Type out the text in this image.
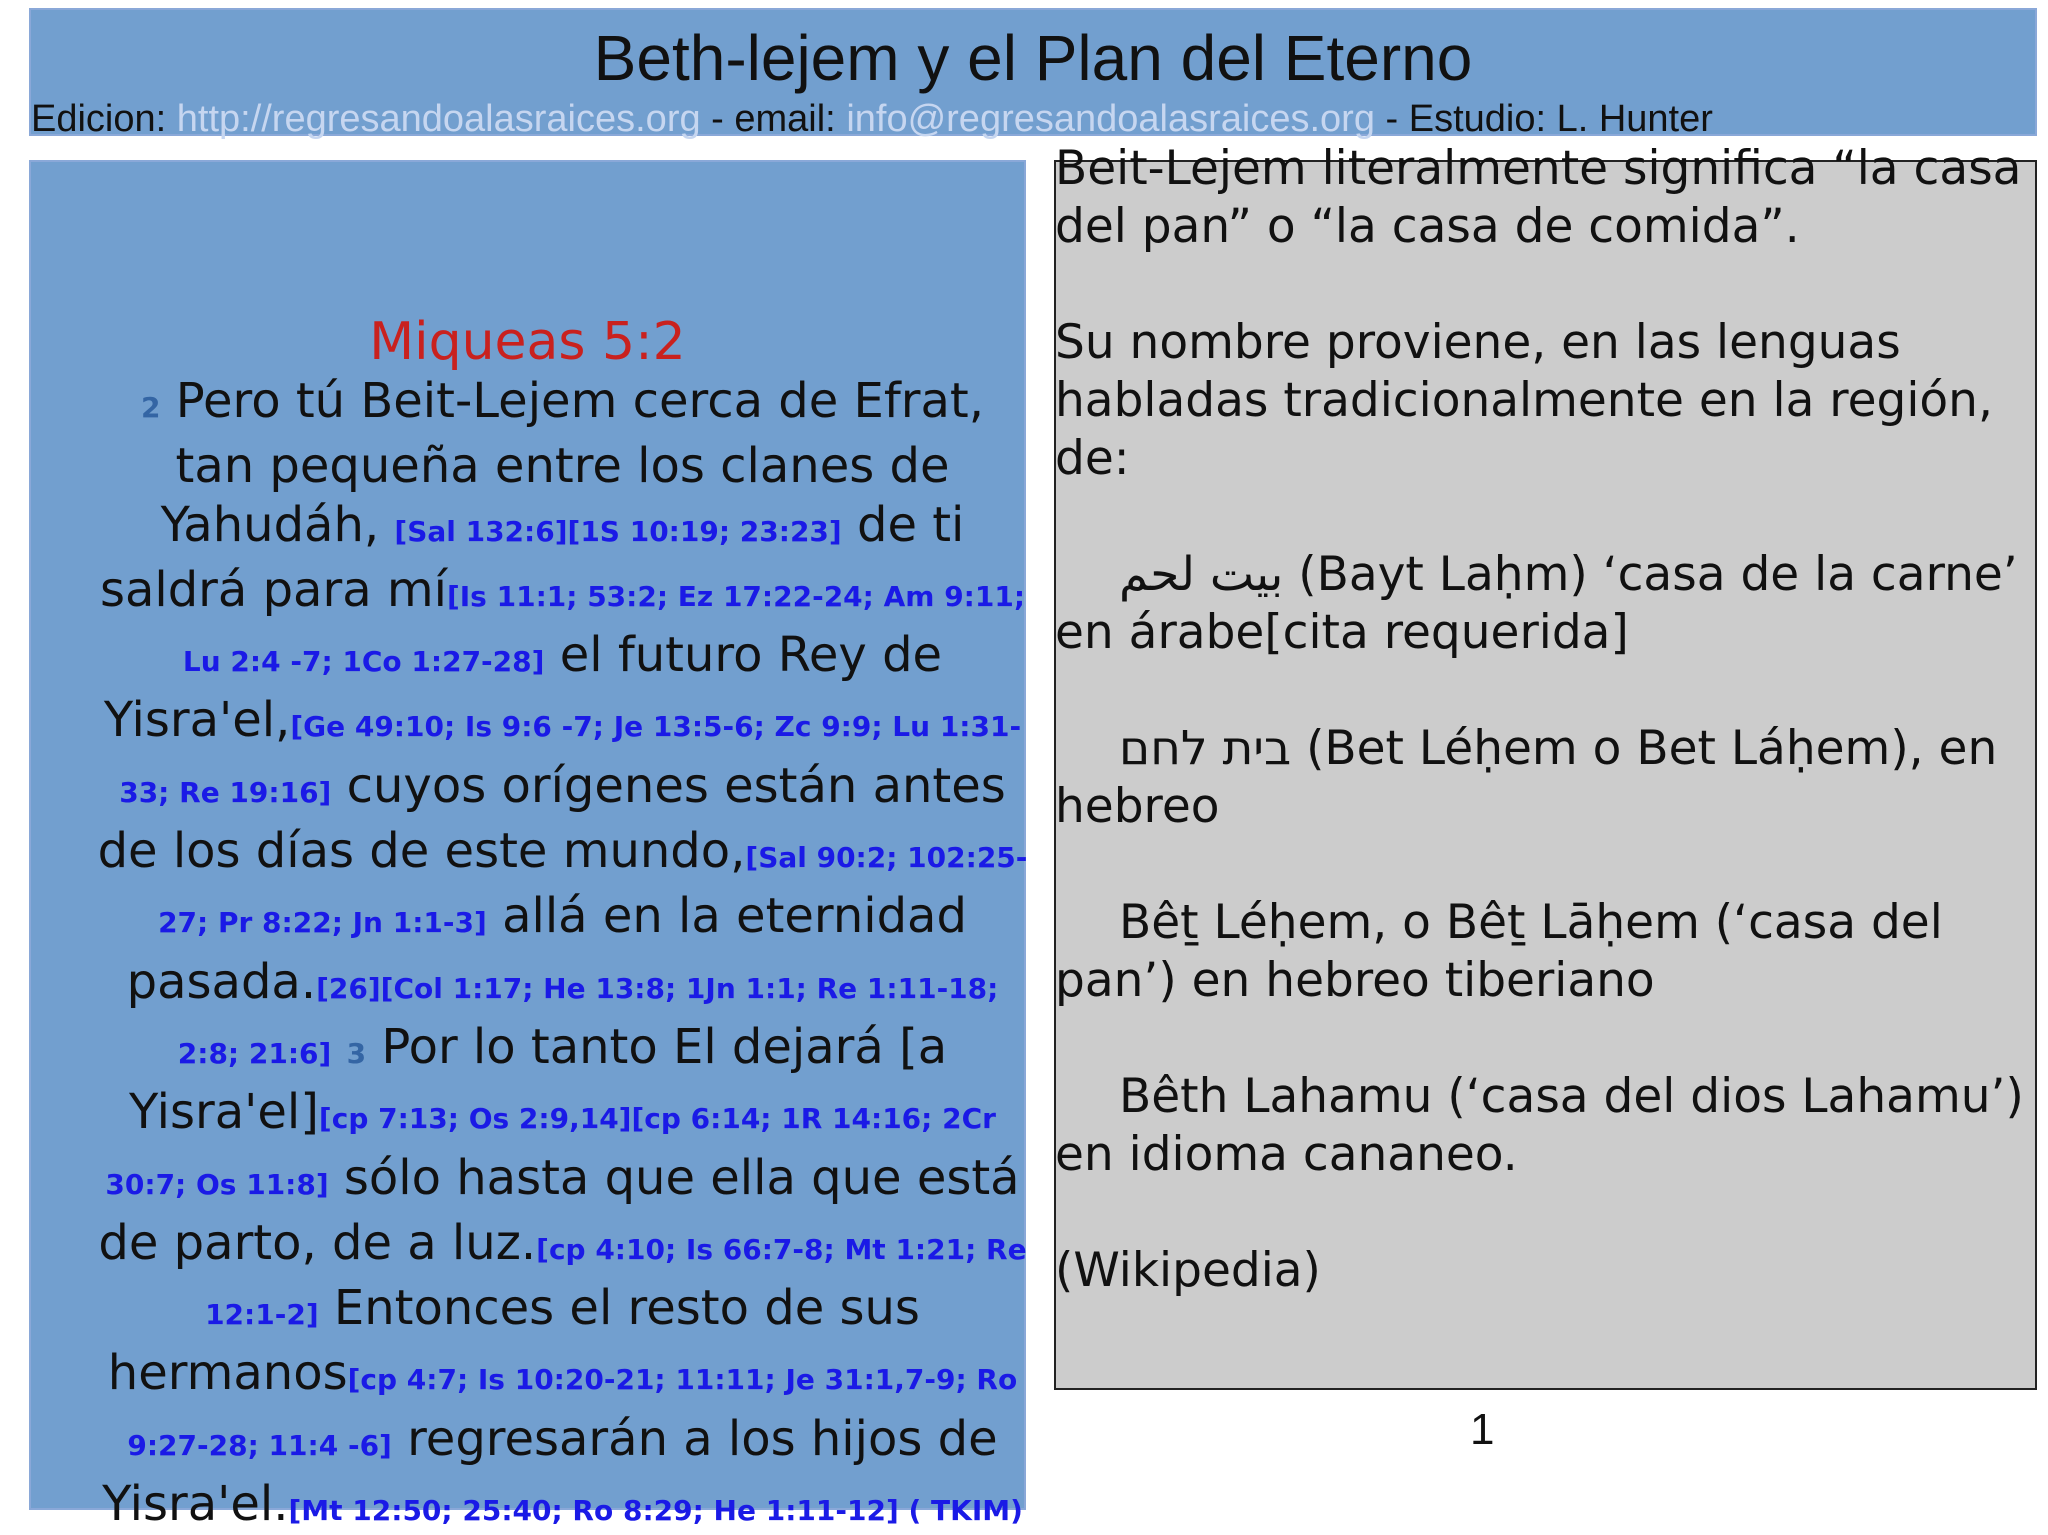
Beth-lejem y el Plan del Eterno
Edicion: http://regresandoalasraices.org - email: info@regresandoalasraices.org - Estudio: L. Hunter
Miqueas 5:2
2 Pero tú Beit-Lejem cerca de Efrat, tan pequeña entre los clanes de Yahudáh, [Sal 132:6][1S 10:19; 23:23] de ti saldrá para mí[Is 11:1; 53:2; Ez 17:22-24; Am 9:11; Lu 2:4 -7; 1Co 1:27-28] el futuro Rey de Yisra'el,[Ge 49:10; Is 9:6 -7; Je 13:5-6; Zc 9:9; Lu 1:31-33; Re 19:16] cuyos orígenes están antes de los días de este mundo,[Sal 90:2; 102:25-27; Pr 8:22; Jn 1:1-3] allá en la eternidad pasada.[26][Col 1:17; He 13:8; 1Jn 1:1; Re 1:11-18; 2:8; 21:6] 3 Por lo tanto El dejará [a Yisra'el][cp 7:13; Os 2:9,14][cp 6:14; 1R 14:16; 2Cr 30:7; Os 11:8] sólo hasta que ella que está de parto, de a luz.[cp 4:10; Is 66:7-8; Mt 1:21; Re 12:1-2] Entonces el resto de sus hermanos[cp 4:7; Is 10:20-21; 11:11; Je 31:1,7-9; Ro 9:27-28; 11:4 -6] regresarán a los hijos de Yisra'el.[Mt 12:50; 25:40; Ro 8:29; He 1:11-12] ( TKIM)

Beit-Lejem literalmente significa “la casa del pan” o “la casa de comida”.

Su nombre proviene, en las lenguas habladas tradicionalmente en la región, de:

بيت لحم (Bayt Laḥm) ‘casa de la carne’ en árabe[cita requerida]

בית לחם (Bet Léḥem o Bet Láḥem), en hebreo

Bêṯ Léḥem, o Bêṯ Lāḥem (‘casa del pan’) en hebreo tiberiano

Bêth Lahamu (‘casa del dios Lahamu’) en idioma cananeo.

(Wikipedia)

1
